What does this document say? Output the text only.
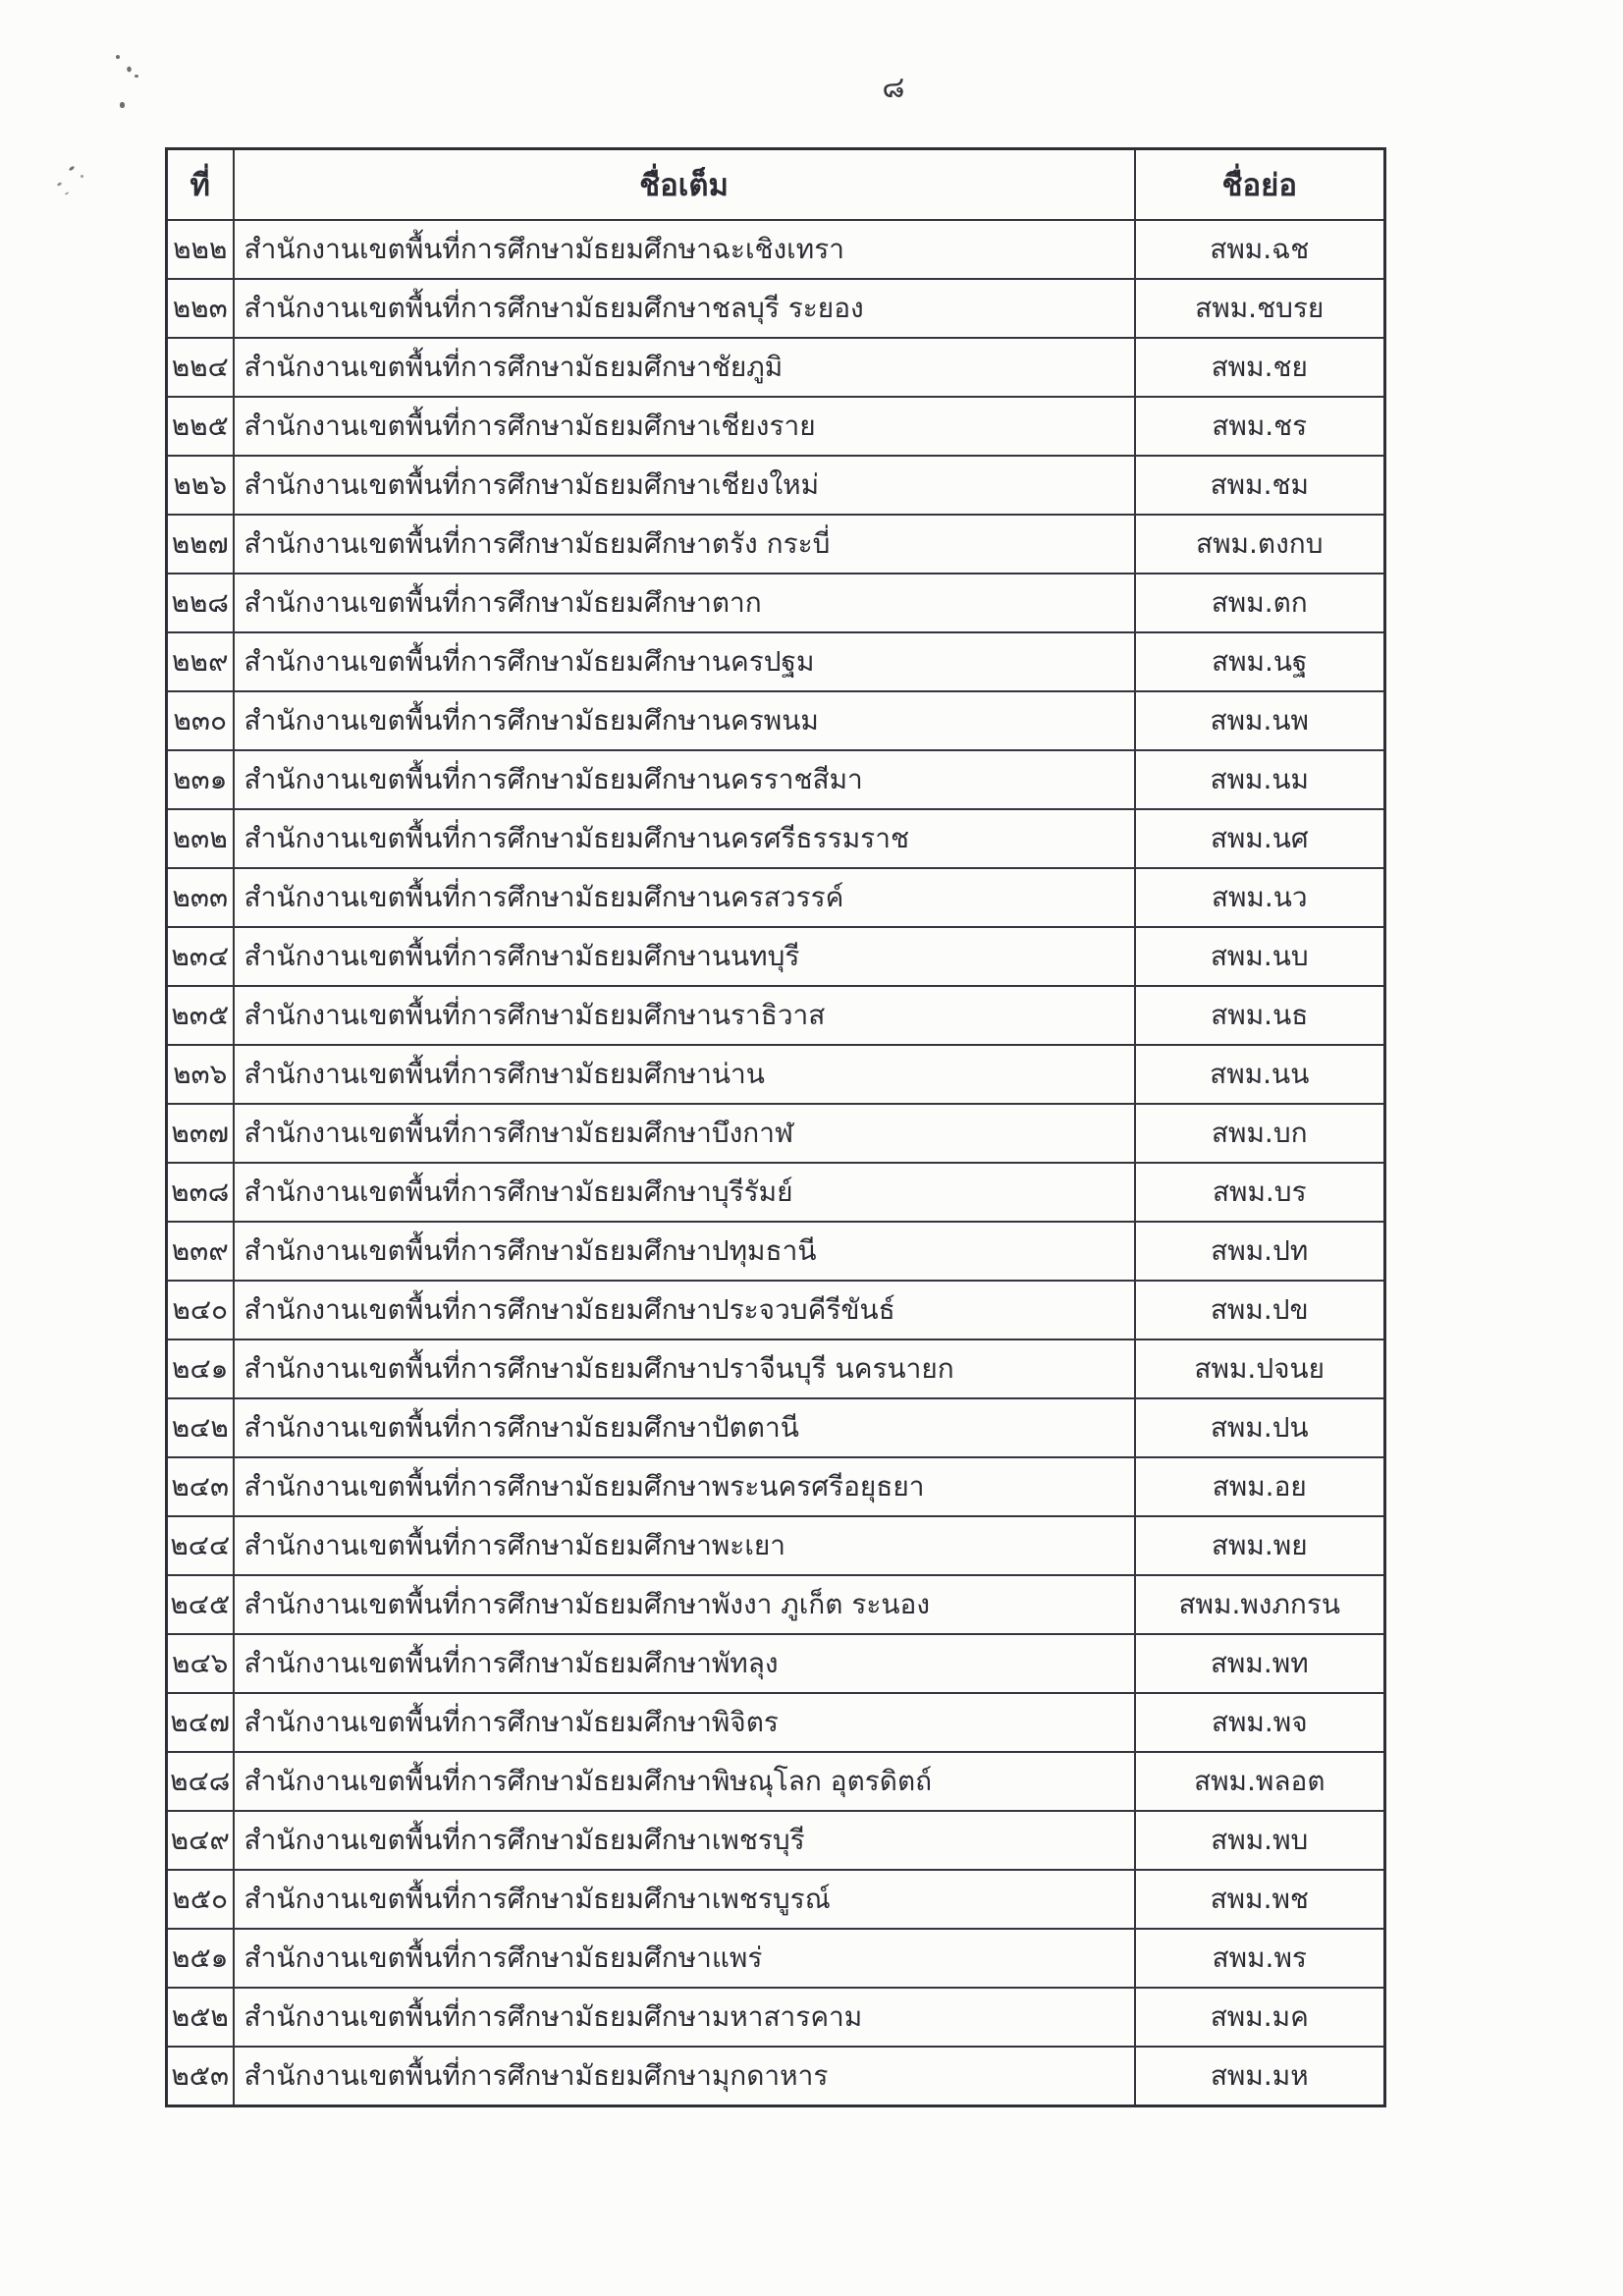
๘
ที่	ชื่อเต็ม	ชื่อย่อ
๒๒๒	สำนักงานเขตพื้นที่การศึกษามัธยมศึกษาฉะเชิงเทรา	สพม.ฉช
๒๒๓	สำนักงานเขตพื้นที่การศึกษามัธยมศึกษาชลบุรี ระยอง	สพม.ชบรย
๒๒๔	สำนักงานเขตพื้นที่การศึกษามัธยมศึกษาชัยภูมิ	สพม.ชย
๒๒๕	สำนักงานเขตพื้นที่การศึกษามัธยมศึกษาเชียงราย	สพม.ชร
๒๒๖	สำนักงานเขตพื้นที่การศึกษามัธยมศึกษาเชียงใหม่	สพม.ชม
๒๒๗	สำนักงานเขตพื้นที่การศึกษามัธยมศึกษาตรัง กระบี่	สพม.ตงกบ
๒๒๘	สำนักงานเขตพื้นที่การศึกษามัธยมศึกษาตาก	สพม.ตก
๒๒๙	สำนักงานเขตพื้นที่การศึกษามัธยมศึกษานครปฐม	สพม.นฐ
๒๓๐	สำนักงานเขตพื้นที่การศึกษามัธยมศึกษานครพนม	สพม.นพ
๒๓๑	สำนักงานเขตพื้นที่การศึกษามัธยมศึกษานครราชสีมา	สพม.นม
๒๓๒	สำนักงานเขตพื้นที่การศึกษามัธยมศึกษานครศรีธรรมราช	สพม.นศ
๒๓๓	สำนักงานเขตพื้นที่การศึกษามัธยมศึกษานครสวรรค์	สพม.นว
๒๓๔	สำนักงานเขตพื้นที่การศึกษามัธยมศึกษานนทบุรี	สพม.นบ
๒๓๕	สำนักงานเขตพื้นที่การศึกษามัธยมศึกษานราธิวาส	สพม.นธ
๒๓๖	สำนักงานเขตพื้นที่การศึกษามัธยมศึกษาน่าน	สพม.นน
๒๓๗	สำนักงานเขตพื้นที่การศึกษามัธยมศึกษาบึงกาฬ	สพม.บก
๒๓๘	สำนักงานเขตพื้นที่การศึกษามัธยมศึกษาบุรีรัมย์	สพม.บร
๒๓๙	สำนักงานเขตพื้นที่การศึกษามัธยมศึกษาปทุมธานี	สพม.ปท
๒๔๐	สำนักงานเขตพื้นที่การศึกษามัธยมศึกษาประจวบคีรีขันธ์	สพม.ปข
๒๔๑	สำนักงานเขตพื้นที่การศึกษามัธยมศึกษาปราจีนบุรี นครนายก	สพม.ปจนย
๒๔๒	สำนักงานเขตพื้นที่การศึกษามัธยมศึกษาปัตตานี	สพม.ปน
๒๔๓	สำนักงานเขตพื้นที่การศึกษามัธยมศึกษาพระนครศรีอยุธยา	สพม.อย
๒๔๔	สำนักงานเขตพื้นที่การศึกษามัธยมศึกษาพะเยา	สพม.พย
๒๔๕	สำนักงานเขตพื้นที่การศึกษามัธยมศึกษาพังงา ภูเก็ต ระนอง	สพม.พงภกรน
๒๔๖	สำนักงานเขตพื้นที่การศึกษามัธยมศึกษาพัทลุง	สพม.พท
๒๔๗	สำนักงานเขตพื้นที่การศึกษามัธยมศึกษาพิจิตร	สพม.พจ
๒๔๘	สำนักงานเขตพื้นที่การศึกษามัธยมศึกษาพิษณุโลก อุตรดิตถ์	สพม.พลอต
๒๔๙	สำนักงานเขตพื้นที่การศึกษามัธยมศึกษาเพชรบุรี	สพม.พบ
๒๕๐	สำนักงานเขตพื้นที่การศึกษามัธยมศึกษาเพชรบูรณ์	สพม.พช
๒๕๑	สำนักงานเขตพื้นที่การศึกษามัธยมศึกษาแพร่	สพม.พร
๒๕๒	สำนักงานเขตพื้นที่การศึกษามัธยมศึกษามหาสารคาม	สพม.มค
๒๕๓	สำนักงานเขตพื้นที่การศึกษามัธยมศึกษามุกดาหาร	สพม.มห
